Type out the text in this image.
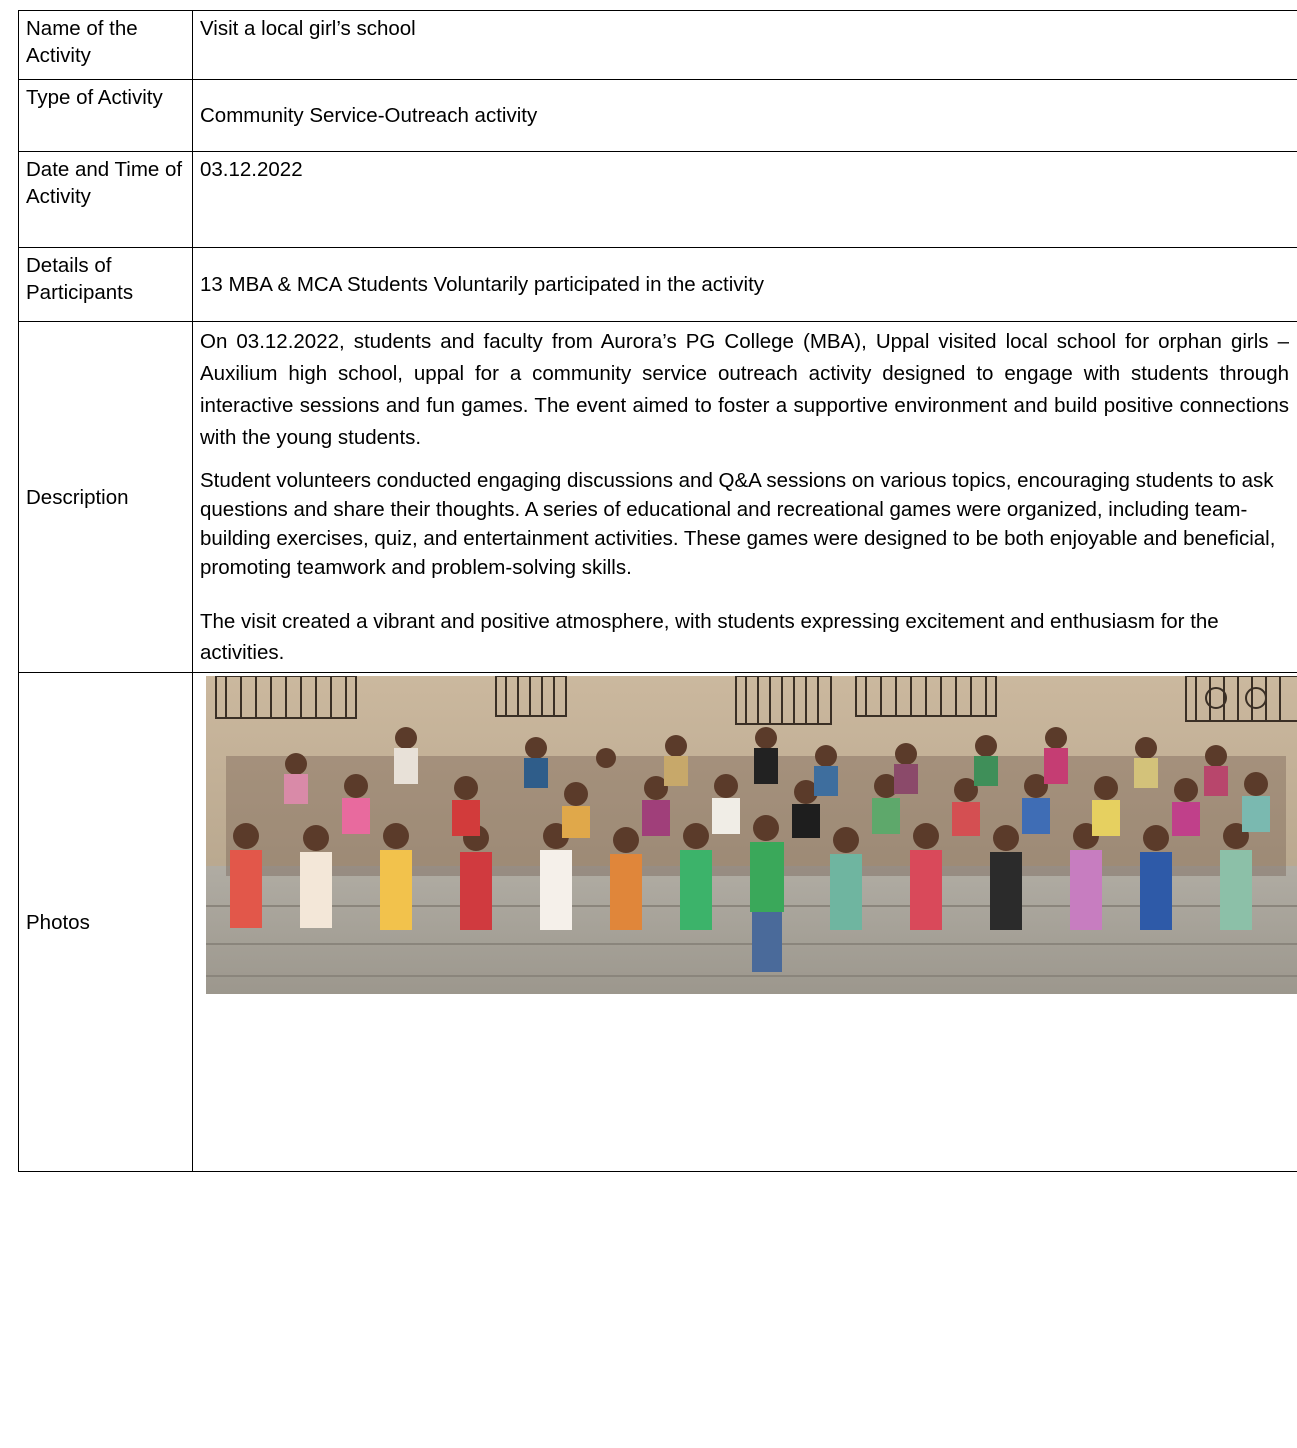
Name of the Activity	Visit a local girl’s school
Type of Activity	Community Service-Outreach activity
Date and Time of Activity	03.12.2022
Details of Participants	13 MBA & MCA Students Voluntarily participated in the activity
Description	On 03.12.2022, students and faculty from Aurora’s PG College (MBA), Uppal visited local school for orphan girls – Auxilium high school, uppal for a community service outreach activity designed to engage with students through interactive sessions and fun games. The event aimed to foster a supportive environment and build positive connections with the young students.

Student volunteers conducted engaging discussions and Q&A sessions on various topics, encouraging students to ask questions and share their thoughts. A series of educational and recreational games were organized, including team-building exercises, quiz, and entertainment activities. These games were designed to be both enjoyable and beneficial, promoting teamwork and problem-solving skills.

The visit created a vibrant and positive atmosphere, with students expressing excitement and enthusiasm for the activities.

Photos	
